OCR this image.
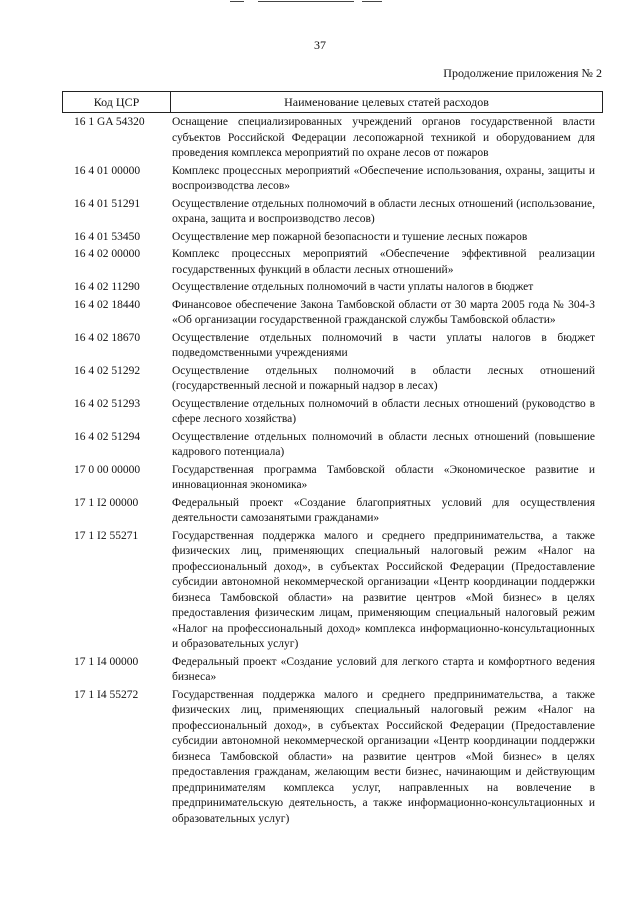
37
Продолжение приложения № 2
Код ЦСР	Наименование целевых статей расходов
16 1 GA 54320	Оснащение специализированных учреждений органов государственной власти субъектов Российской Федерации лесопожарной техникой и оборудованием для проведения комплекса мероприятий по охране лесов от пожаров
16 4 01 00000	Комплекс процессных мероприятий «Обеспечение использования, охраны, защиты и воспроизводства лесов»
16 4 01 51291	Осуществление отдельных полномочий в области лесных отношений (использование, охрана, защита и воспроизводство лесов)
16 4 01 53450	Осуществление мер пожарной безопасности и тушение лесных пожаров
16 4 02 00000	Комплекс процессных мероприятий «Обеспечение эффективной реализации государственных функций в области лесных отношений»
16 4 02 11290	Осуществление отдельных полномочий в части уплаты налогов в бюджет
16 4 02 18440	Финансовое обеспечение Закона Тамбовской области от 30 марта 2005 года № 304-З «Об организации государственной гражданской службы Тамбовской области»
16 4 02 18670	Осуществление отдельных полномочий в части уплаты налогов в бюджет подведомственными учреждениями
16 4 02 51292	Осуществление отдельных полномочий в области лесных отношений (государственный лесной и пожарный надзор в лесах)
16 4 02 51293	Осуществление отдельных полномочий в области лесных отношений (руководство в сфере лесного хозяйства)
16 4 02 51294	Осуществление отдельных полномочий в области лесных отношений (повышение кадрового потенциала)
17 0 00 00000	Государственная программа Тамбовской области «Экономическое развитие и инновационная экономика»
17 1 I2 00000	Федеральный проект «Создание благоприятных условий для осуществления деятельности самозанятыми гражданами»
17 1 I2 55271	Государственная поддержка малого и среднего предпринимательства, а также физических лиц, применяющих специальный налоговый режим «Налог на профессиональный доход», в субъектах Российской Федерации (Предоставление субсидии автономной некоммерческой организации «Центр координации поддержки бизнеса Тамбовской области» на развитие центров «Мой бизнес» в целях предоставления физическим лицам, применяющим специальный налоговый режим «Налог на профессиональный доход» комплекса информационно-консультационных и образовательных услуг)
17 1 I4 00000	Федеральный проект «Создание условий для легкого старта и комфортного ведения бизнеса»
17 1 I4 55272	Государственная поддержка малого и среднего предпринимательства, а также физических лиц, применяющих специальный налоговый режим «Налог на профессиональный доход», в субъектах Российской Федерации (Предоставление субсидии автономной некоммерческой организации «Центр координации поддержки бизнеса Тамбовской области» на развитие центров «Мой бизнес» в целях предоставления гражданам, желающим вести бизнес, начинающим и действующим предпринимателям комплекса услуг, направленных на вовлечение в предпринимательскую деятельность, а также информационно-консультационных и образовательных услуг)
